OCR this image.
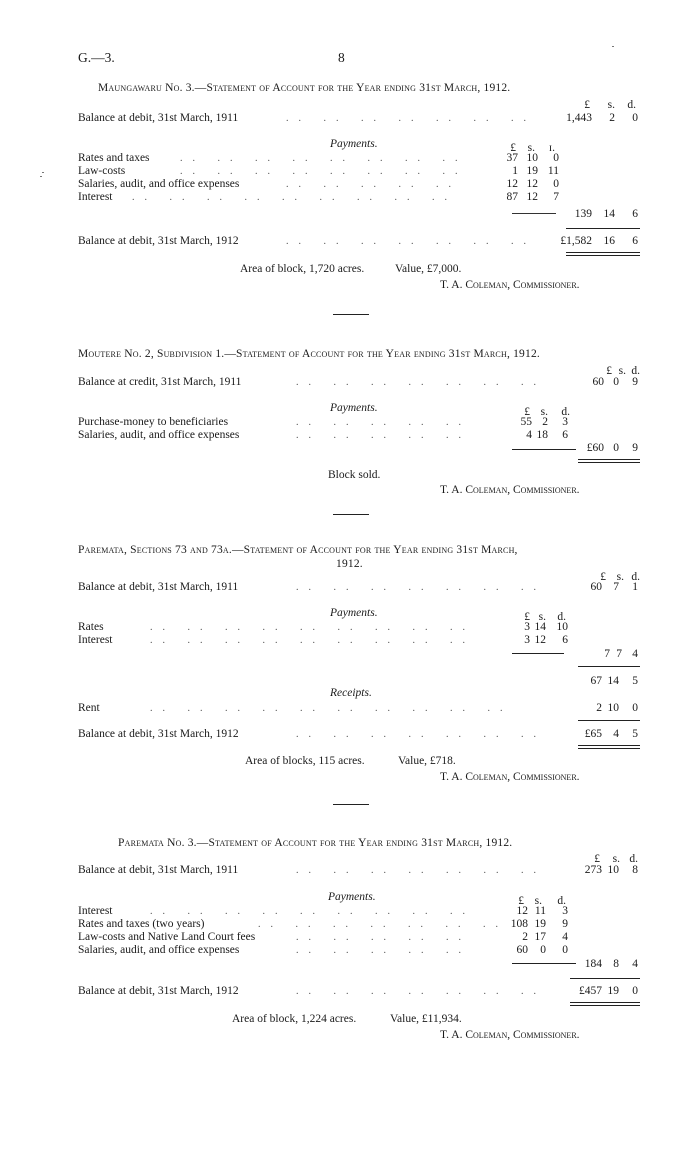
G.—3.	8
Maungawaru No. 3.—Statement of Account for the Year ending 31st March, 1912.
£	s.	d.
Balance at debit, 31st March, 1911	.. .. .. .. .. .. ..	1,443	2	0
Payments.	£	s.	ɪ.
Rates and taxes	.. .. .. .. .. .. .. ..	37 10	0
Law-costs	.. .. .. .. .. .. .. ..	1 19 11
Salaries, audit, and office expenses	.. .. .. .. ..	12 12	0
Interest .. .. .. .. .. .. .. .. ..	87 12	7
139	14	6
Balance at debit, 31st March, 1912	.. .. .. .. .. .. ..	£1,582	16	6
Area of block, 1,720 acres.	Value, £7,000.
T. A. Coleman, Commissioner.
Moutere No. 2, Subdivision 1.—Statement of Account for the Year ending 31st March, 1912.
£ s. d.
Balance at credit, 31st March, 1911	.. .. .. .. .. .. ..	60 0	9
Payments.	£ s.	d.
Purchase-money to beneficiaries	.. .. .. .. ..	55 2	3
Salaries, audit, and office expenses	.. .. .. .. ..	4 18	6
£60 0	9
Block sold.
T. A. Coleman, Commissioner.
Paremata, Sections 73 and 73a.—Statement of Account for the Year ending 31st March,
1912.
£ s. d.
Balance at debit, 31st March, 1911	.. .. .. .. .. .. ..	60 7	1
Payments.	£ s. d.
Rates	.. .. .. .. .. .. .. .. ..	3 14 10
Interest	.. .. .. .. .. .. .. .. ..	3 12	6
7 7 4
67 14	5
Receipts.
Rent	.. .. .. .. .. .. .. .. .. ..	2 10	0
Balance at debit, 31st March, 1912	.. .. .. .. .. .. ..	£65 4	5
Area of blocks, 115 acres.	Value, £718.
T. A. Coleman, Commissioner.
Paremata No. 3.—Statement of Account for the Year ending 31st March, 1912.
£	s. d.
Balance at debit, 31st March, 1911	.. .. .. .. .. .. ..	273 10	8
Payments.	£ s.	d.
Interest	.. .. .. .. .. .. .. .. ..	12 11	3
Rates and taxes (two years)	.. .. .. .. .. .. .. 108 19	9
Law-costs and Native Land Court fees	.. .. .. .. ..	2 17	4
Salaries, audit, and office expenses	.. .. .. .. ..	60	0	0
184 8	4
Balance at debit, 31st March, 1912	.. .. .. .. .. .. ..	£457 19	0
Area of block, 1,224 acres.	Value, £11,934.
T. A. Coleman, Commissioner.
